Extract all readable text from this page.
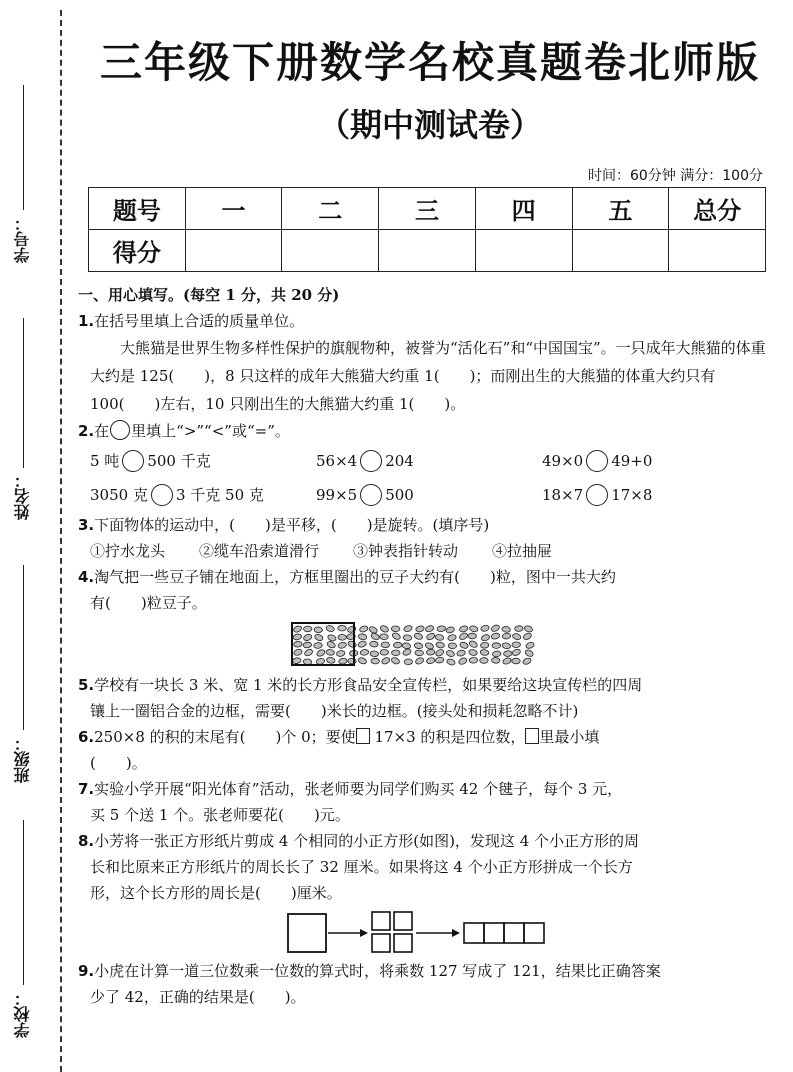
学号：
姓名：
班级：
学校：
三年级下册数学名校真题卷北师版
（期中测试卷）
时间：60分钟 满分：100分
题号	一	二	三	四	五	总分
得分						
一、用心填写。(每空 1 分，共 20 分)
1.在括号里填上合适的质量单位。

大熊猫是世界生物多样性保护的旗舰物种，被誉为“活化石”和“中国国宝”。一只成年大熊猫的体重大约是 125(　　)，8 只这样的成年大熊猫大约重 1(　　)；而刚出生的大熊猫的体重大约只有 100(　　)左右，10 只刚出生的大熊猫大约重 1(　　)。

2.在 里填上“>”“<”或“=”。
5 吨 500 千克	56×4 204	49×0 49+0
3050 克 3 千克 50 克	99×5 500	18×7 17×8
3.下面物体的运动中，(　　)是平移，(　　)是旋转。(填序号)
①拧水龙头 ②缆车沿索道滑行 ③钟表指针转动 ④拉抽屉
4.淘气把一些豆子铺在地面上，方框里圈出的豆子大约有(　　)粒，图中一共大约
有(　　)粒豆子。
5.学校有一块长 3 米、宽 1 米的长方形食品安全宣传栏，如果要给这块宣传栏的四周
镶上一圈铝合金的边框，需要(　　)米长的边框。(接头处和损耗忽略不计)
6.250×8 的积的末尾有(　　)个 0；要使 17×3 的积是四位数， 里最小填
(　　)。
7.实验小学开展“阳光体育”活动，张老师要为同学们购买 42 个毽子，每个 3 元，
买 5 个送 1 个。张老师要花(　　)元。
8.小芳将一张正方形纸片剪成 4 个相同的小正方形(如图)，发现这 4 个小正方形的周
长和比原来正方形纸片的周长长了 32 厘米。如果将这 4 个小正方形拼成一个长方
形，这个长方形的周长是(　　)厘米。
9.小虎在计算一道三位数乘一位数的算式时，将乘数 127 写成了 121，结果比正确答案
少了 42，正确的结果是(　　)。
